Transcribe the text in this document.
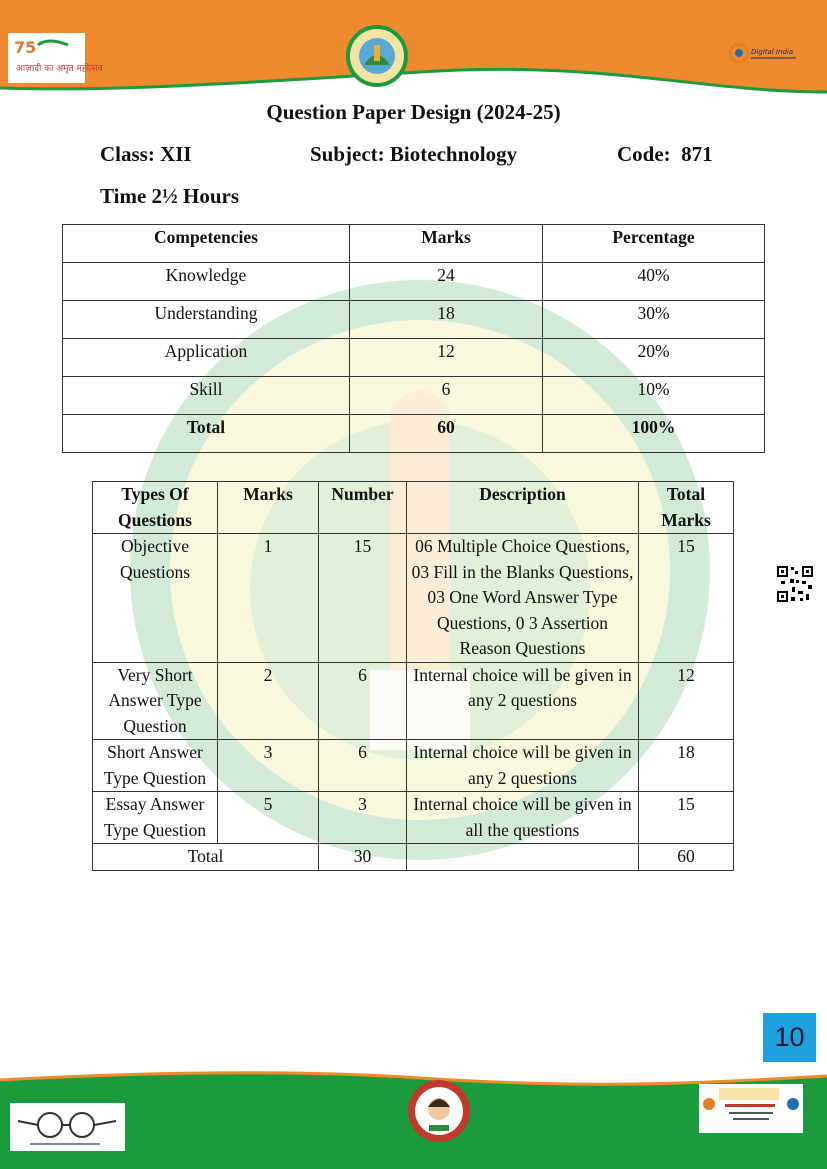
75
आज़ादी का अमृत महोत्सव
Digital India
Question Paper Design (2024-25)
Class: XII	Subject: Biotechnology	Code:  871
Time 2½ Hours
Competencies	Marks	Percentage
Knowledge	24	40%
Understanding	18	30%
Application	12	20%
Skill	6	10%
Total	60	100%
Types Of Questions	Marks	Number	Description	Total Marks
Objective Questions	1	15	06 Multiple Choice Questions, 03 Fill in the Blanks Questions, 03 One Word Answer Type Questions, 0 3 Assertion Reason Questions	15
Very Short Answer Type Question	2	6	Internal choice will be given in any 2 questions	12
Short Answer Type Question	3	6	Internal choice will be given in any 2 questions	18
Essay Answer Type Question	5	3	Internal choice will be given in all the questions	15
Total		30		60
10
